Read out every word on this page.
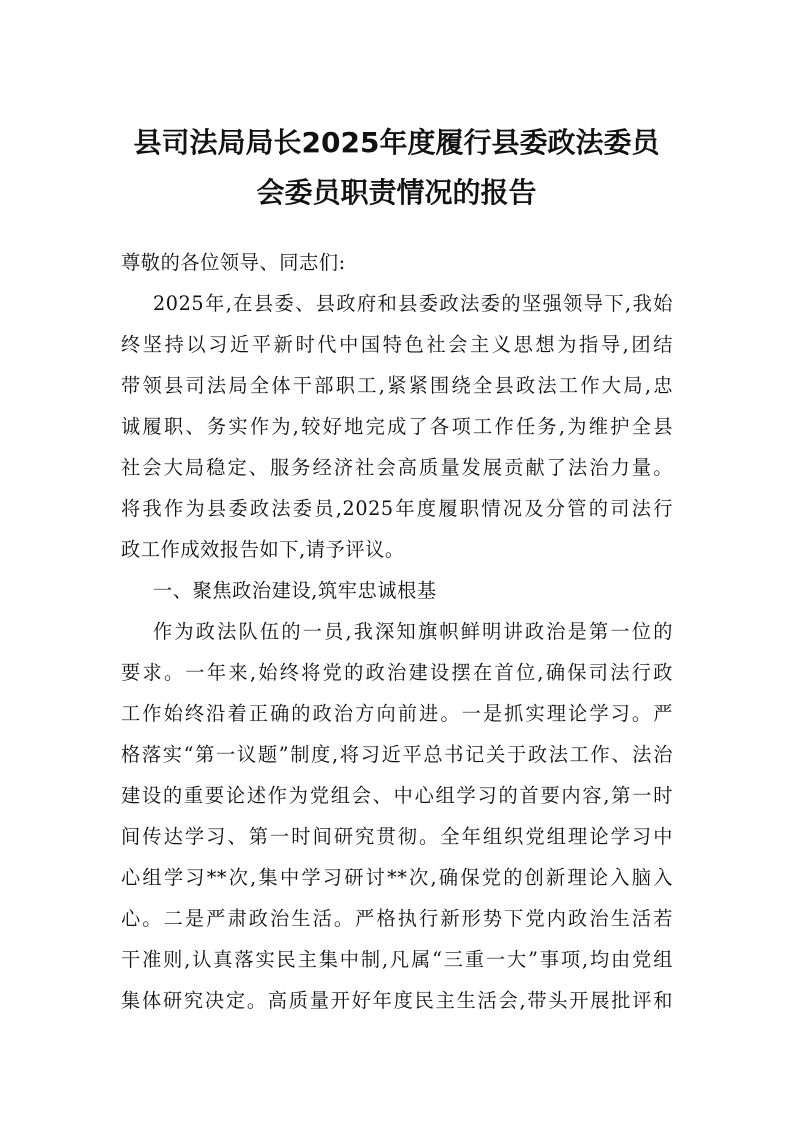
县司法局局长2025年度履行县委政法委员
会委员职责情况的报告

尊敬的各位领导、同志们:

2025年,在县委、县政府和县委政法委的坚强领导下,我始

终坚持以习近平新时代中国特色社会主义思想为指导,团结

带领县司法局全体干部职工,紧紧围绕全县政法工作大局,忠

诚履职、务实作为,较好地完成了各项工作任务,为维护全县

社会大局稳定、服务经济社会高质量发展贡献了法治力量。

将我作为县委政法委员,2025年度履职情况及分管的司法行

政工作成效报告如下,请予评议。

一、聚焦政治建设,筑牢忠诚根基

作为政法队伍的一员,我深知旗帜鲜明讲政治是第一位的

要求。一年来,始终将党的政治建设摆在首位,确保司法行政

工作始终沿着正确的政治方向前进。一是抓实理论学习。严

格落实“第一议题”制度,将习近平总书记关于政法工作、法治

建设的重要论述作为党组会、中心组学习的首要内容,第一时

间传达学习、第一时间研究贯彻。全年组织党组理论学习中

心组学习**次,集中学习研讨**次,确保党的创新理论入脑入

心。二是严肃政治生活。严格执行新形势下党内政治生活若

干准则,认真落实民主集中制,凡属“三重一大”事项,均由党组

集体研究决定。高质量开好年度民主生活会,带头开展批评和
